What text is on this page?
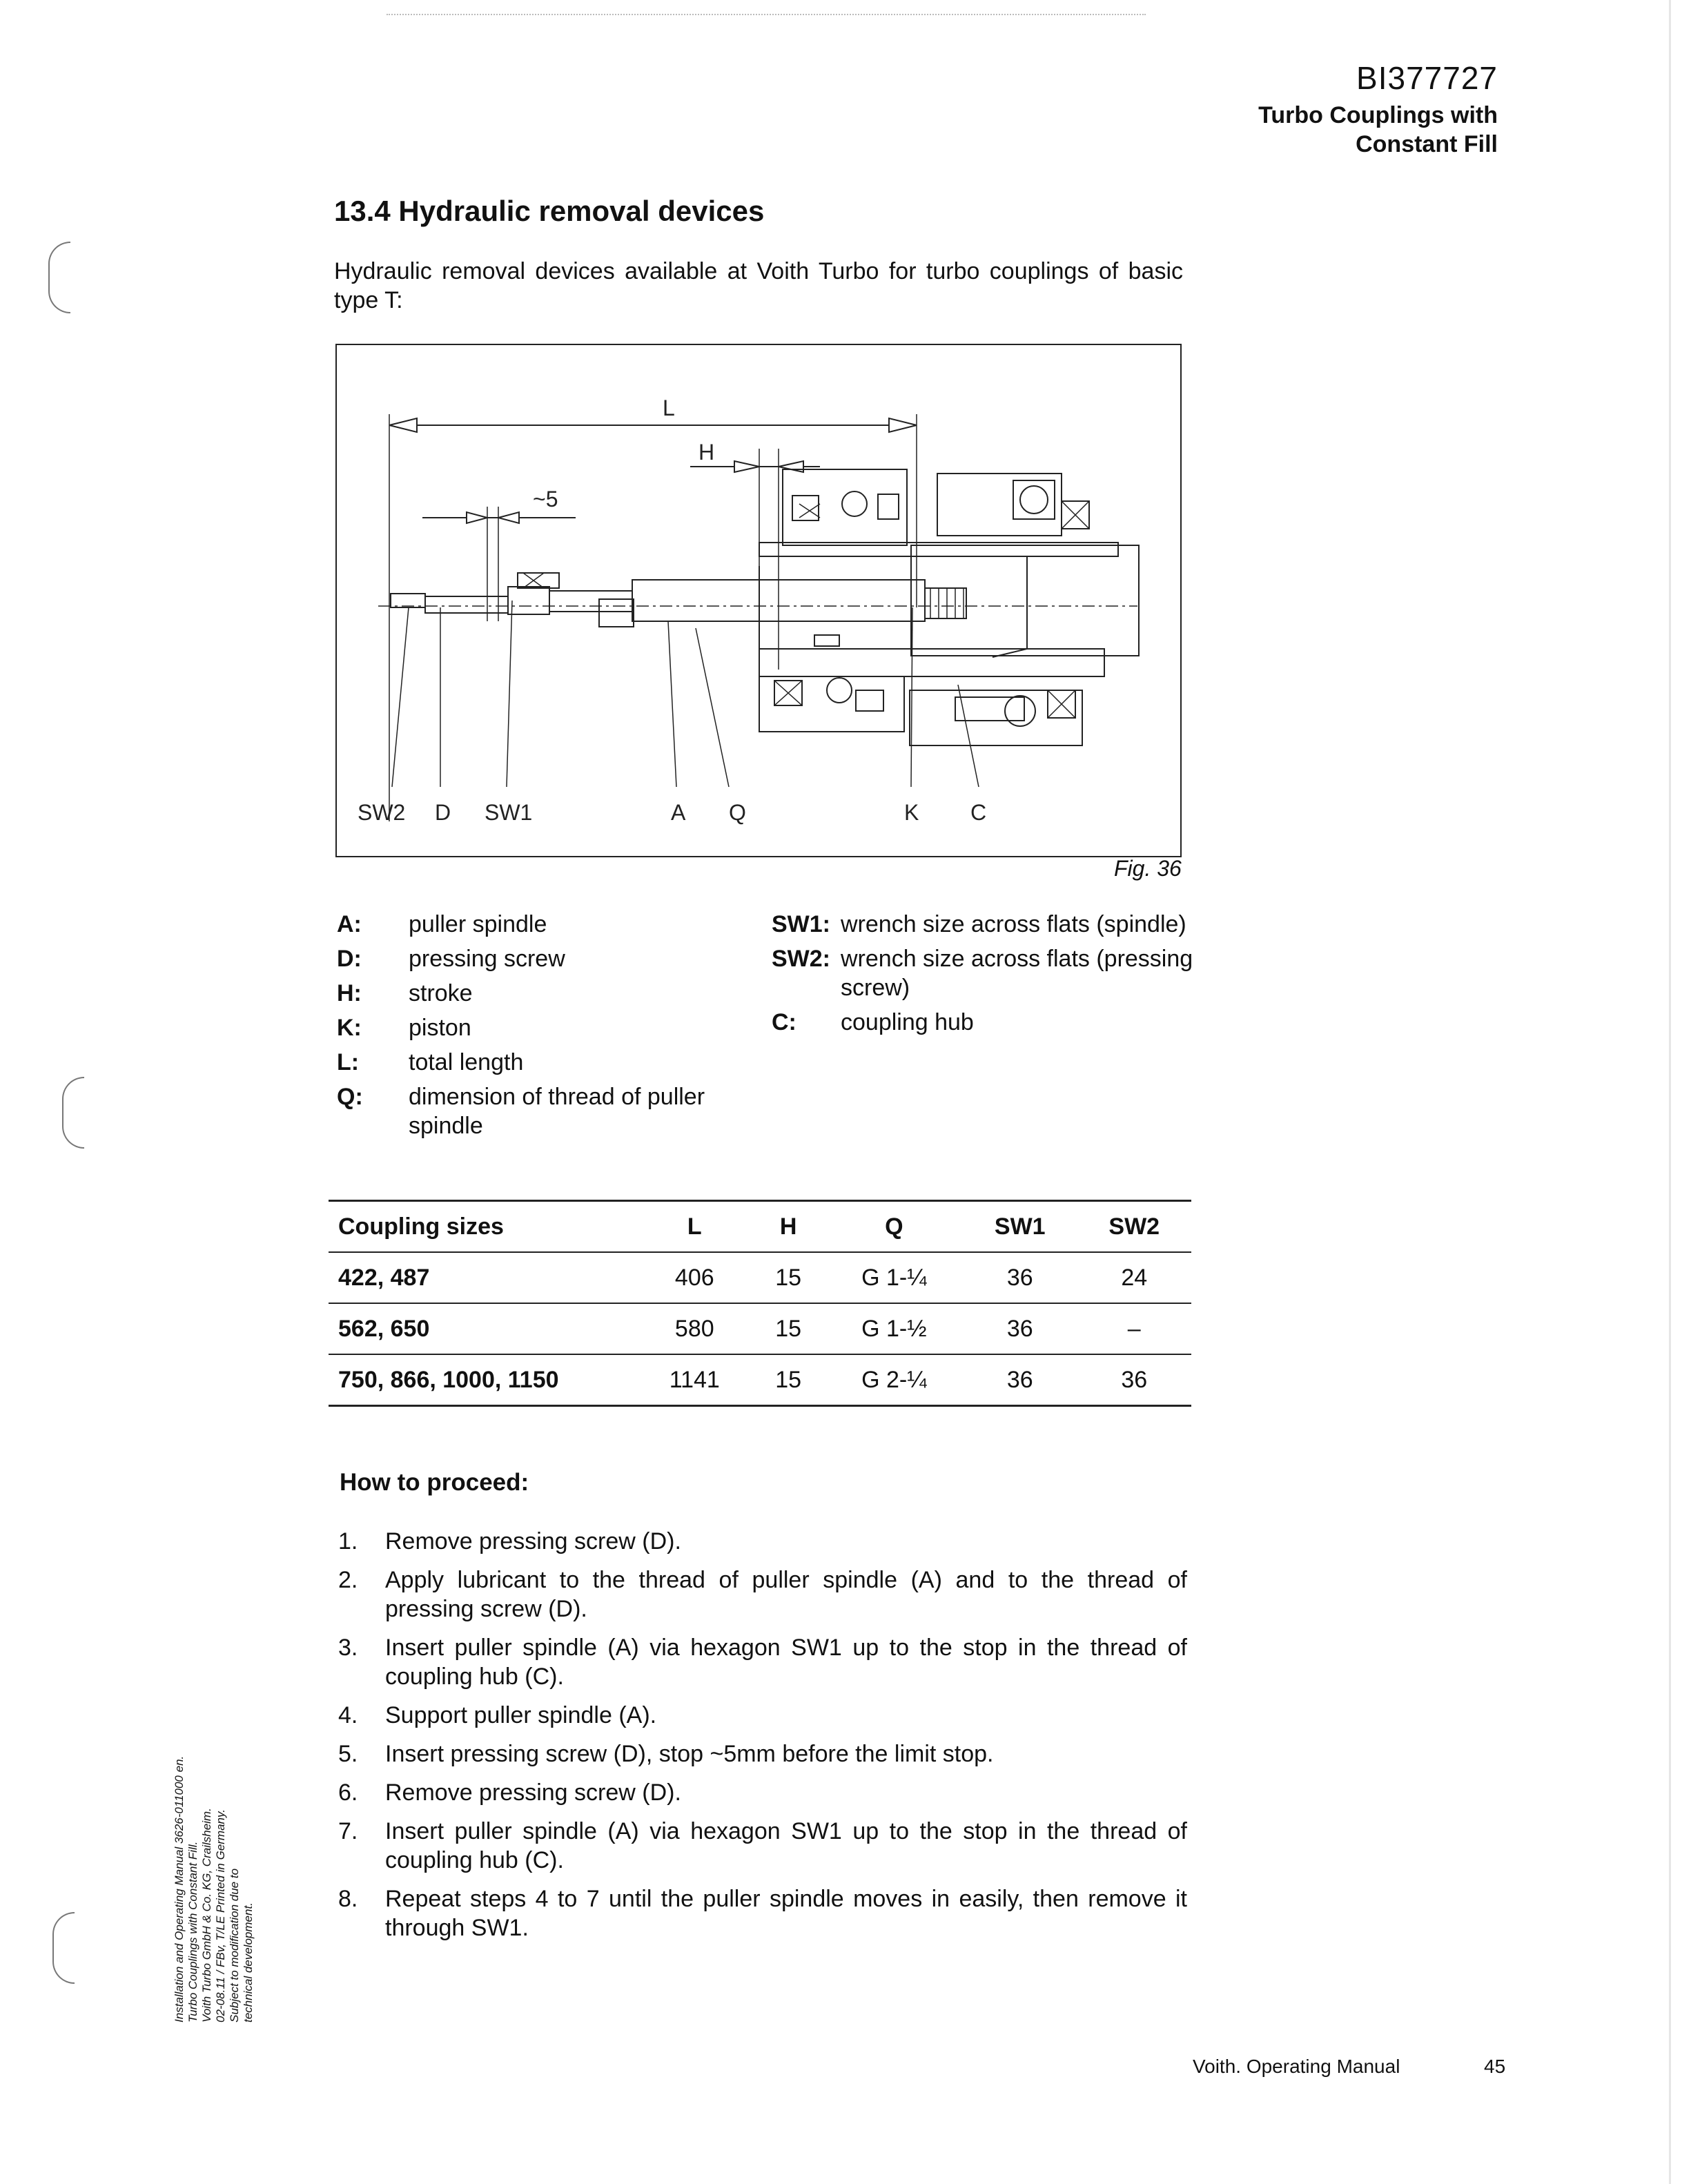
BI377727
Turbo Couplings with
Constant Fill
13.4 Hydraulic removal devices
Hydraulic removal devices available at Voith Turbo for turbo couplings of basic type T:
L
H
~5
SW2 D SW1	A Q	K C
Fig. 36
A:	puller spindle
D:	pressing screw
H:	stroke
K:	piston
L:	total length
Q:	dimension of thread of puller spindle
SW1: wrench size across flats (spindle)
SW2: wrench size across flats (pressing screw)
C:	coupling hub
Coupling sizes	L	H	Q	SW1	SW2
422, 487	406	15	G 1-¼	36	24
562, 650	580	15	G 1-½	36	–
750, 866, 1000, 1150	1141	15	G 2-¼	36	36
How to proceed:
1.	Remove pressing screw (D).
2.	Apply lubricant to the thread of puller spindle (A) and to the thread of pressing screw (D).
3.	Insert puller spindle (A) via hexagon SW1 up to the stop in the thread of coupling hub (C).
4.	Support puller spindle (A).
5.	Insert pressing screw (D), stop ~5mm before the limit stop.
6.	Remove pressing screw (D).
7.	Insert puller spindle (A) via hexagon SW1 up to the stop in the thread of coupling hub (C).
8.	Repeat steps 4 to 7 until the puller spindle moves in easily, then remove it through SW1.
Installation and Operating Manual 3626-011000 en. Turbo Couplings with Constant Fill. Voith Turbo GmbH & Co. KG, Crailsheim. 02-08.11 / FBv, T/LE Printed in Germany. Subject to modification due to technical development.
Voith. Operating Manual	45
